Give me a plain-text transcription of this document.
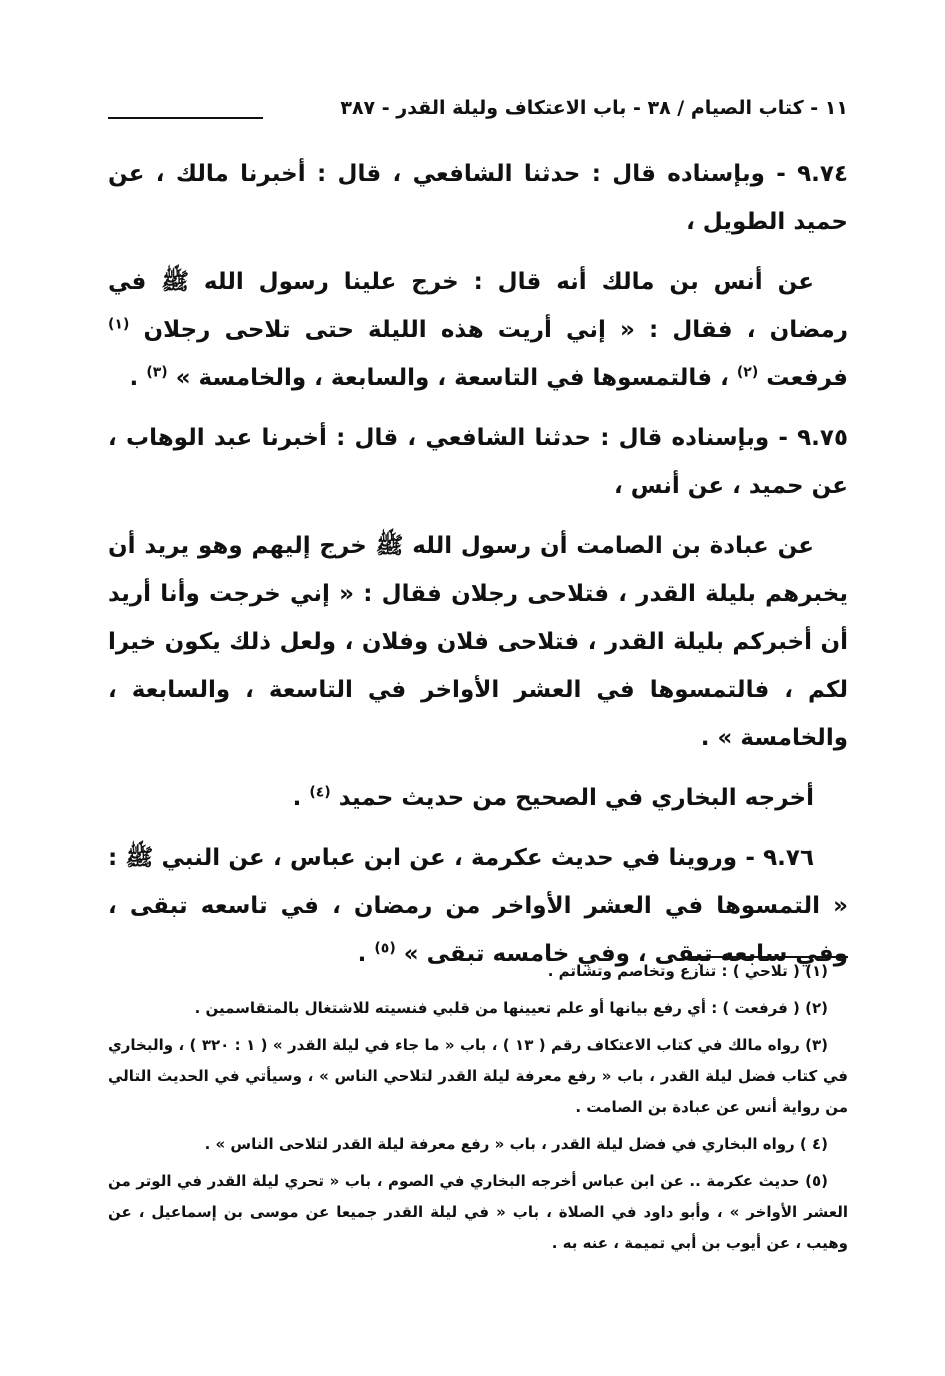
١١ - كتاب الصيام / ٣٨ - باب الاعتكاف وليلة القدر - ٣٨٧

٩.٧٤ - وبإسناده قال : حدثنا الشافعي ، قال : أخبرنا مالك ، عن حميد الطويل ،

عن أنس بن مالك أنه قال : خرج علينا رسول الله ﷺ في رمضان ، فقال : « إني أريت هذه الليلة حتى تلاحى رجلان $^{(١)}$ فرفعت $^{(٢)}$ ، فالتمسوها في التاسعة ، والسابعة ، والخامسة » $^{(٣)}$ .

٩.٧٥ - وبإسناده قال : حدثنا الشافعي ، قال : أخبرنا عبد الوهاب ، عن حميد ، عن أنس ،

عن عبادة بن الصامت أن رسول الله ﷺ خرج إليهم وهو يريد أن يخبرهم بليلة القدر ، فتلاحى رجلان فقال : « إني خرجت وأنا أريد أن أخبركم بليلة القدر ، فتلاحى فلان وفلان ، ولعل ذلك يكون خيرا لكم ، فالتمسوها في العشر الأواخر في التاسعة ، والسابعة ، والخامسة » .

أخرجه البخاري في الصحيح من حديث حميد $^{(٤)}$ .

٩.٧٦ - وروينا في حديث عكرمة ، عن ابن عباس ، عن النبي ﷺ : « التمسوها في العشر الأواخر من رمضان ، في تاسعه تبقى ، وفي سابعه تبقى ، وفي خامسه تبقى » $^{(٥)}$ .

(١) ( تلاحي ) : تنازع وتخاصم وتشاتم .

(٢) ( فرفعت ) : أي رفع بيانها أو علم تعيينها من قلبي فنسيته للاشتغال بالمتقاسمين .

(٣) رواه مالك في كتاب الاعتكاف رقم ( ١٣ ) ، باب « ما جاء في ليلة القدر » ( ١ : ٣٢٠ ) ، والبخاري في كتاب فضل ليلة القدر ، باب « رفع معرفة ليلة القدر لتلاحي الناس » ، وسيأتي في الحديث التالي من رواية أنس عن عبادة بن الصامت .

(٤ ) رواه البخاري في فضل ليلة القدر ، باب « رفع معرفة ليلة القدر لتلاحى الناس » .

(٥) حديث عكرمة .. عن ابن عباس أخرجه البخاري في الصوم ، باب « تحري ليلة القدر في الوتر من العشر الأواخر » ، وأبو داود في الصلاة ، باب « في ليلة القدر جميعا عن موسى بن إسماعيل ، عن وهيب ، عن أيوب بن أبي تميمة ، عنه به .
